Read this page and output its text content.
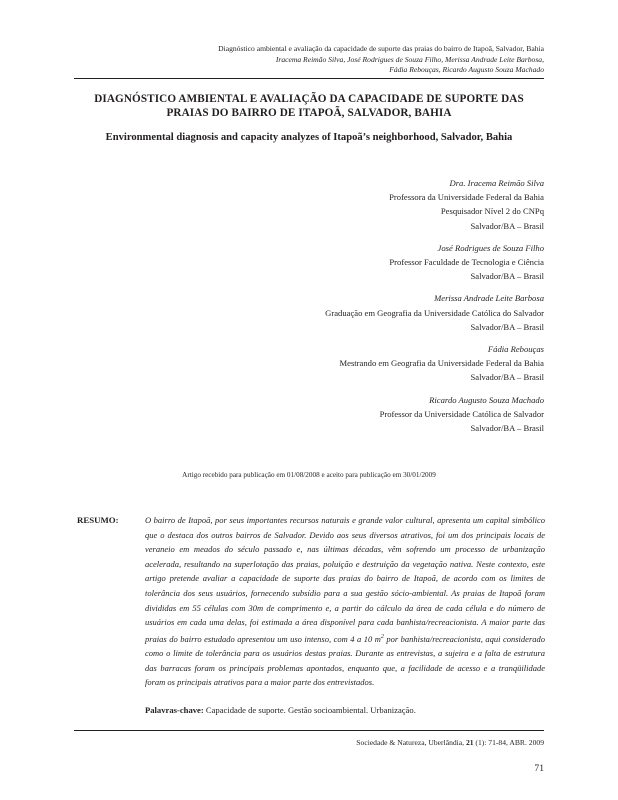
Diagnóstico ambiental e avaliação da capacidade de suporte das praias do bairro de Itapoã, Salvador, Bahia
Iracema Reimão Silva, José Rodrigues de Souza Filho, Merissa Andrade Leite Barbosa,
Fádia Rebouças, Ricardo Augusto Souza Machado
DIAGNÓSTICO AMBIENTAL E AVALIAÇÃO DA CAPACIDADE DE SUPORTE DAS PRAIAS DO BAIRRO DE ITAPOÃ, SALVADOR, BAHIA
Environmental diagnosis and capacity analyzes of Itapoã’s neighborhood, Salvador, Bahia
Dra. Iracema Reimão Silva
Professora da Universidade Federal da Bahia
Pesquisador Nível 2 do CNPq
Salvador/BA – Brasil
José Rodrigues de Souza Filho
Professor Faculdade de Tecnologia e Ciência
Salvador/BA – Brasil
Merissa Andrade Leite Barbosa
Graduação em Geografia da Universidade Católica do Salvador
Salvador/BA – Brasil
Fádia Rebouças
Mestrando em Geografia da Universidade Federal da Bahia
Salvador/BA – Brasil
Ricardo Augusto Souza Machado
Professor da Universidade Católica de Salvador
Salvador/BA – Brasil
Artigo recebido para publicação em 01/08/2008 e aceito para publicação em 30/01/2009
RESUMO:	O bairro de Itapoã, por seus importantes recursos naturais e grande valor cultural, apresenta um capital simbólico que o destaca dos outros bairros de Salvador. Devido aos seus diversos atrativos, foi um dos principais locais de veraneio em meados do século passado e, nas últimas décadas, vêm sofrendo um processo de urbanização acelerada, resultando na superlotação das praias, poluição e destruição da vegetação nativa. Neste contexto, este artigo pretende avaliar a capacidade de suporte das praias do bairro de Itapoã, de acordo com os limites de tolerância dos seus usuários, fornecendo subsídio para a sua gestão sócio-ambiental. As praias de Itapoã foram divididas em 55 células com 30m de comprimento e, a partir do cálculo da área de cada célula e do número de usuários em cada uma delas, foi estimada a área disponível para cada banhista/recreacionista. A maior parte das praias do bairro estudado apresentou um uso intenso, com 4 a 10 $m^2$ por banhista/recreacionista, aqui considerado como o limite de tolerância para os usuários destas praias. Durante as entrevistas, a sujeira e a falta de estrutura das barracas foram os principais problemas apontados, enquanto que, a facilidade de acesso e a tranqüilidade foram os principais atrativos para a maior parte dos entrevistados.
Palavras-chave: Capacidade de suporte. Gestão socioambiental. Urbanização.
Sociedade & Natureza, Uberlândia, 21 (1): 71-84, ABR. 2009
71
